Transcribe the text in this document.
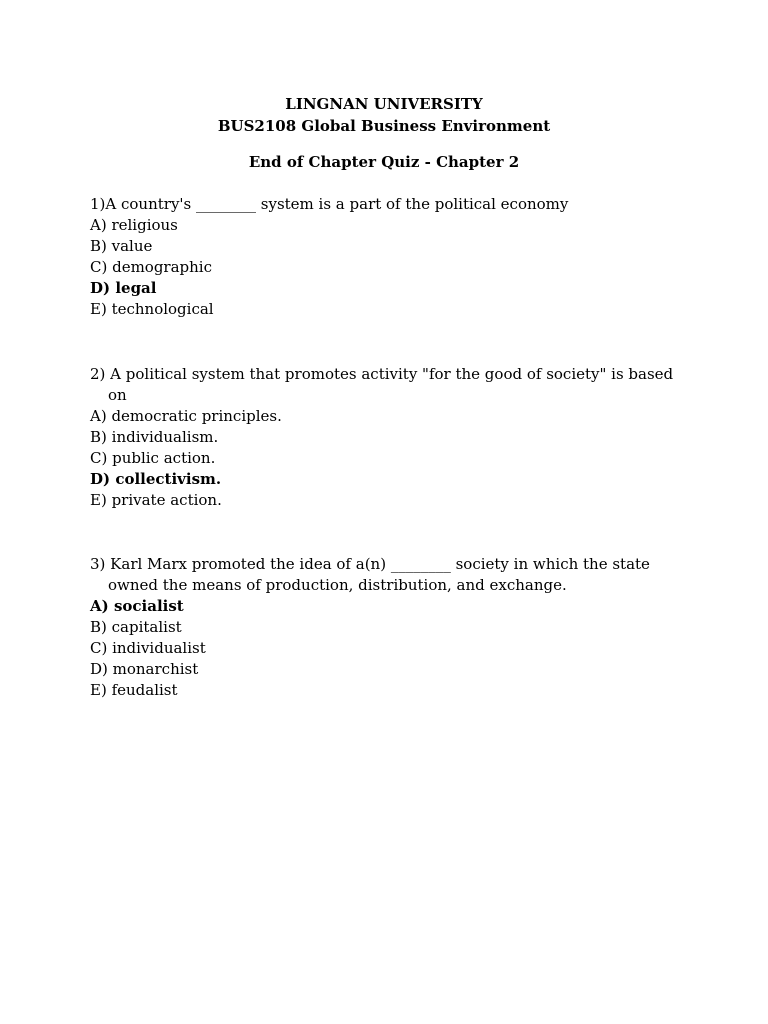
LINGNAN UNIVERSITY
BUS2108 Global Business Environment
End of Chapter Quiz - Chapter 2
1)A country's ________ system is a part of the political economy
A) religious
B) value
C) demographic
D) legal
E) technological
2) A political system that promotes activity "for the good of society" is based on
A) democratic principles.
B) individualism.
C) public action.
D) collectivism.
E) private action.
3) Karl Marx promoted the idea of a(n) ________ society in which the state owned the means of production, distribution, and exchange.
A) socialist
B) capitalist
C) individualist
D) monarchist
E) feudalist
